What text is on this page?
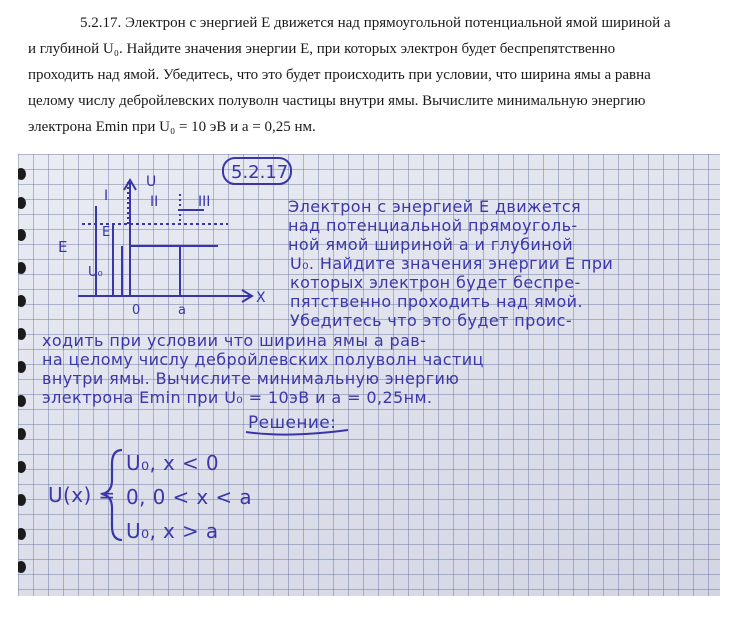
5.2.17. Электрон с энергией E движется над прямоугольной потенциальной ямой шириной a

и глубиной U₀. Найдите значения энергии E, при которых электрон будет беспрепятственно

проходить над ямой. Убедитесь, что это будет происходить при условии, что ширина ямы a равна

целому числу дебройлевских полуволн частицы внутри ямы. Вычислите минимальную энергию

электрона Emin при U₀ = 10 эВ и a = 0,25 нм.

5.2.17
U
X
I	II	III
E
E
U₀
0	a
Электрон с энергией E движется
над потенциальной прямоуголь-
ной ямой шириной a и глубиной
U₀. Найдите значения энергии E при
которых электрон будет беспре-
пятственно проходить над ямой.
Убедитесь что это будет проис-
ходить при условии что ширина ямы a рав-
на целому числу дебройлевских полуволн частиц
внутри ямы. Вычислите минимальную энергию
электрона Emin при U₀ = 10эВ и a = 0,25нм.
Решение:
U(x) =
U₀, x < 0
0, 0 < x < a
U₀, x > a
